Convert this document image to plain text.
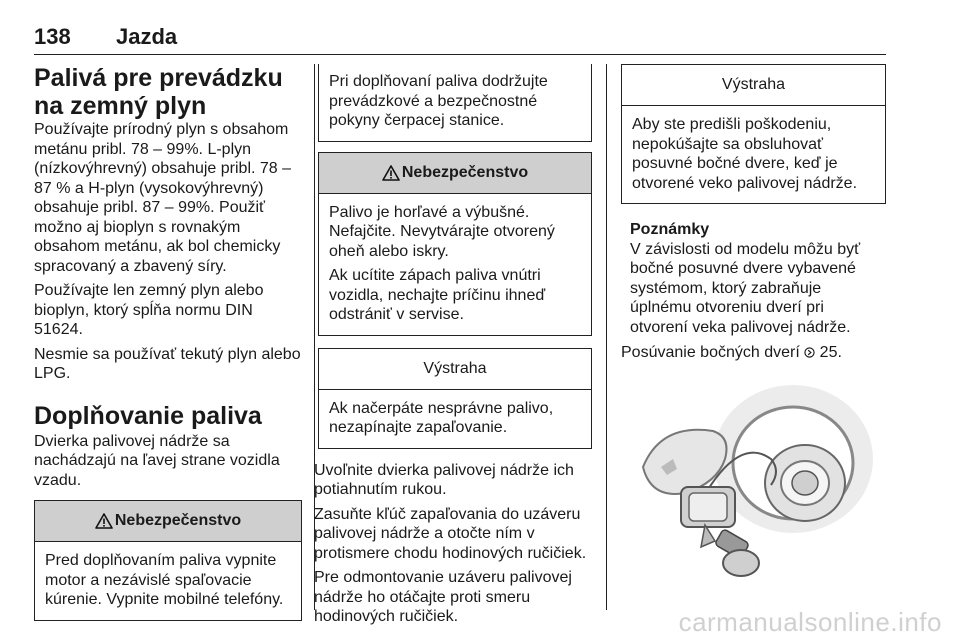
138 Jazda
Palivá pre prevádzku na zemný plyn

Používajte prírodný plyn s obsahom metánu pribl. 78 – 99%. L-plyn (nízkovýhrevný) obsahuje pribl. 78 – 87 % a H-plyn (vysokovýhrevný) obsahuje pribl. 87 – 99%. Použiť možno aj bioplyn s rovnakým obsahom metánu, ak bol chemicky spracovaný a zbavený síry.

Používajte len zemný plyn alebo bioplyn, ktorý spĺňa normu DIN 51624.

Nesmie sa používať tekutý plyn alebo LPG.

Doplňovanie paliva

Dvierka palivovej nádrže sa nachádzajú na ľavej strane vozidla vzadu.

Nebezpečenstvo

Pred doplňovaním paliva vypnite motor a nezávislé spaľovacie kúrenie. Vypnite mobilné telefóny.

Pri doplňovaní paliva dodržujte prevádzkové a bezpečnostné pokyny čerpacej stanice.

Nebezpečenstvo

Palivo je horľavé a výbušné. Nefajčite. Nevytvárajte otvorený oheň alebo iskry.

Ak ucítite zápach paliva vnútri vozidla, nechajte príčinu ihneď odstrániť v servise.

Výstraha

Ak načerpáte nesprávne palivo, nezapínajte zapaľovanie.

Uvoľnite dvierka palivovej nádrže ich potiahnutím rukou.

Zasuňte kľúč zapaľovania do uzáveru palivovej nádrže a otočte ním v protismere chodu hodinových ručičiek.

Pre odmontovanie uzáveru palivovej nádrže ho otáčajte proti smeru hodinových ručičiek.

Výstraha

Aby ste predišli poškodeniu, nepokúšajte sa obsluhovať posuvné bočné dvere, keď je otvorené veko palivovej nádrže.

Poznámky

V závislosti od modelu môžu byť bočné posuvné dvere vybavené systémom, ktorý zabraňuje úplnému otvoreniu dverí pri otvorení veka palivovej nádrže.

Posúvanie bočných dverí  25.

carmanualsonline.info
